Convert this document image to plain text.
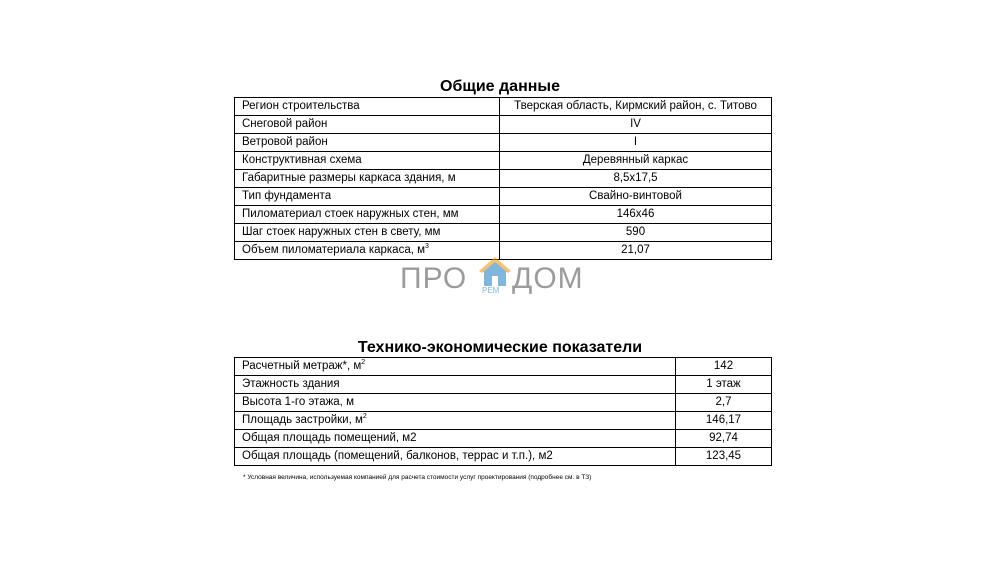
Общие данные
Регион строительства	Тверская область, Кирмский район, с. Титово
Снеговой район	IV
Ветровой район	I
Конструктивная схема	Деревянный каркас
Габаритные размеры каркаса здания, м	8,5х17,5
Тип фундамента	Свайно-винтовой
Пиломатериал стоек наружных стен, мм	146х46
Шаг стоек наружных стен в свету, мм	590
Объем пиломатериала каркаса, $м^3$	21,07
ПРО РЕМ ДОМ
Технико-экономические показатели
Расчетный метраж*, $м^2$	142
Этажность здания	1 этаж
Высота 1-го этажа, м	2,7
Площадь застройки, $м^2$	146,17
Общая площадь помещений, м2	92,74
Общая площадь (помещений, балконов, террас и т.п.), м2	123,45
* Условная величина, используемая компанией для расчета стоимости услуг проектирования (подробнее см. в ТЗ)
